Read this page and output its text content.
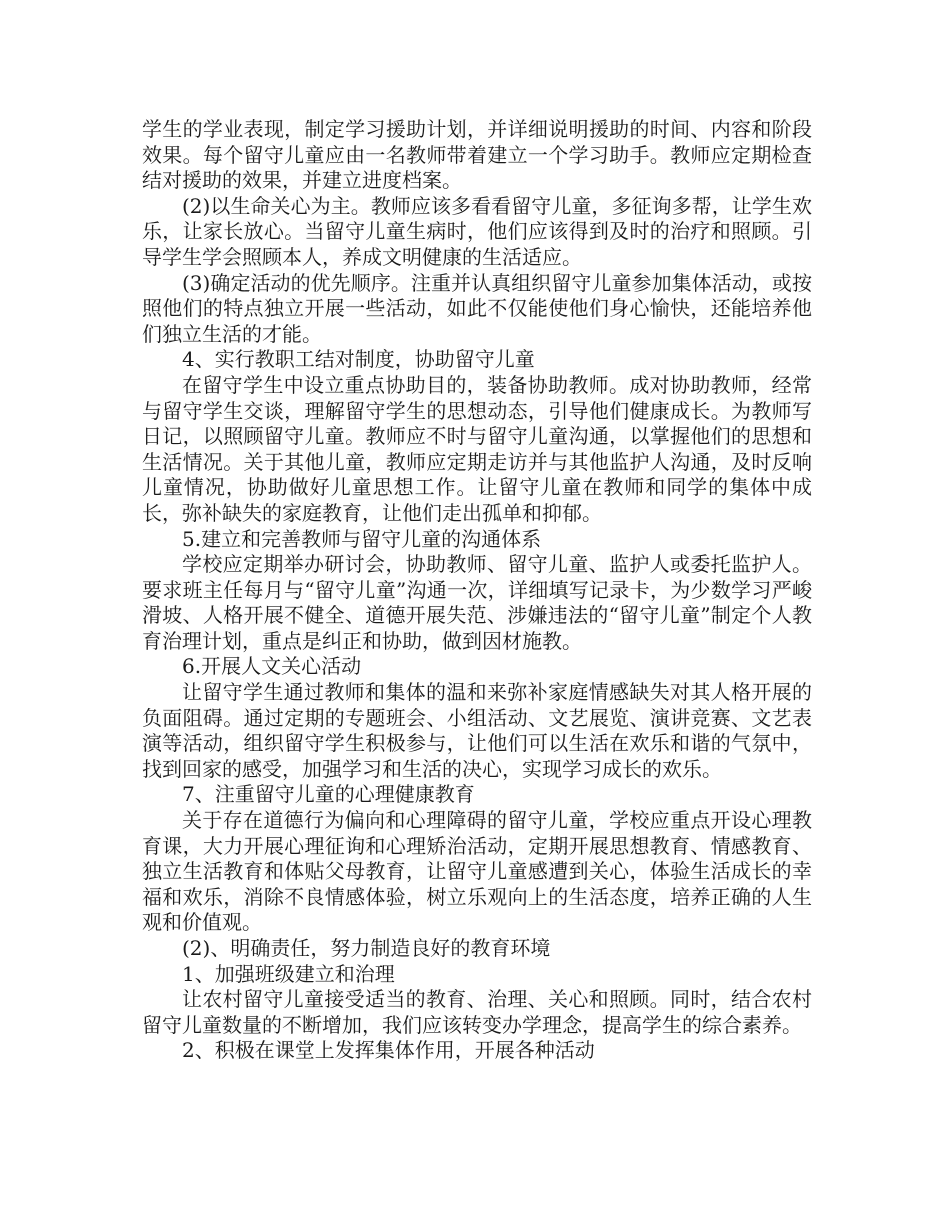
学生的学业表现，制定学习援助计划，并详细说明援助的时间、内容和阶段效果。每个留守儿童应由一名教师带着建立一个学习助手。教师应定期检查结对援助的效果，并建立进度档案。

(2)以生命关心为主。教师应该多看看留守儿童，多征询多帮，让学生欢乐，让家长放心。当留守儿童生病时，他们应该得到及时的治疗和照顾。引导学生学会照顾本人，养成文明健康的生活适应。

(3)确定活动的优先顺序。注重并认真组织留守儿童参加集体活动，或按照他们的特点独立开展一些活动，如此不仅能使他们身心愉快，还能培养他们独立生活的才能。

4、实行教职工结对制度，协助留守儿童

在留守学生中设立重点协助目的，装备协助教师。成对协助教师，经常与留守学生交谈，理解留守学生的思想动态，引导他们健康成长。为教师写日记，以照顾留守儿童。教师应不时与留守儿童沟通，以掌握他们的思想和生活情况。关于其他儿童，教师应定期走访并与其他监护人沟通，及时反响儿童情况，协助做好儿童思想工作。让留守儿童在教师和同学的集体中成长，弥补缺失的家庭教育，让他们走出孤单和抑郁。

5.建立和完善教师与留守儿童的沟通体系

学校应定期举办研讨会，协助教师、留守儿童、监护人或委托监护人。要求班主任每月与“留守儿童”沟通一次，详细填写记录卡，为少数学习严峻滑坡、人格开展不健全、道德开展失范、涉嫌违法的“留守儿童”制定个人教育治理计划，重点是纠正和协助，做到因材施教。

6.开展人文关心活动

让留守学生通过教师和集体的温和来弥补家庭情感缺失对其人格开展的负面阻碍。通过定期的专题班会、小组活动、文艺展览、演讲竞赛、文艺表演等活动，组织留守学生积极参与，让他们可以生活在欢乐和谐的气氛中，找到回家的感受，加强学习和生活的决心，实现学习成长的欢乐。

7、注重留守儿童的心理健康教育

关于存在道德行为偏向和心理障碍的留守儿童，学校应重点开设心理教育课，大力开展心理征询和心理矫治活动，定期开展思想教育、情感教育、独立生活教育和体贴父母教育，让留守儿童感遭到关心，体验生活成长的幸福和欢乐，消除不良情感体验，树立乐观向上的生活态度，培养正确的人生观和价值观。

(2)、明确责任，努力制造良好的教育环境

1、加强班级建立和治理

让农村留守儿童接受适当的教育、治理、关心和照顾。同时，结合农村留守儿童数量的不断增加，我们应该转变办学理念，提高学生的综合素养。

2、积极在课堂上发挥集体作用，开展各种活动
